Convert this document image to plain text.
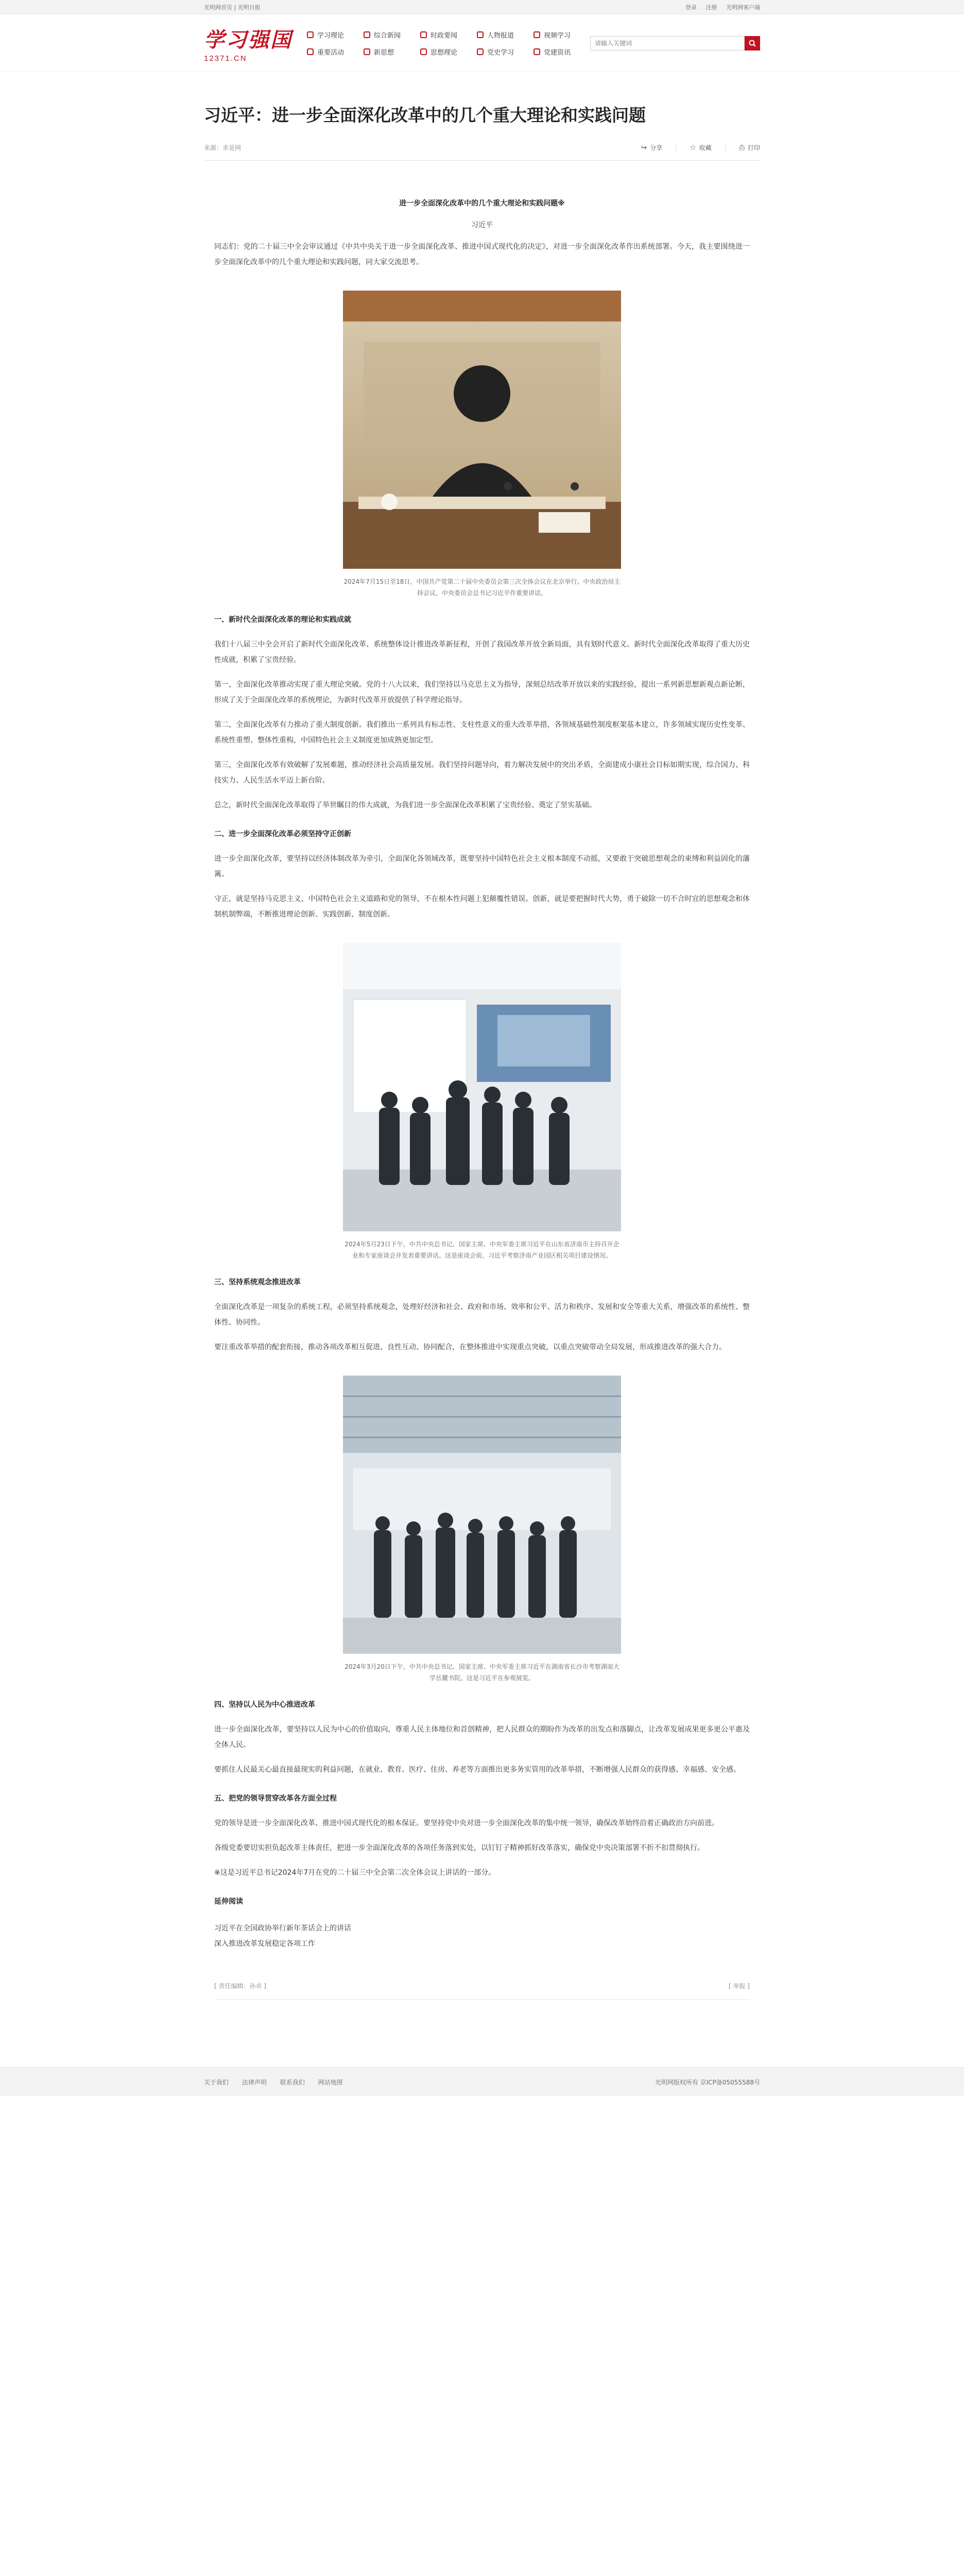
光明网首页 | 光明日报	登录 注册 光明网客户端
学习强国
12371.CN
学习理论	综合新闻	时政要闻	人物报道	视频学习
重要活动	新思想	思想理论	党史学习	党建资讯
请输入关键词
习近平：进一步全面深化改革中的几个重大理论和实践问题
来源：求是网	↪ 分享	☆ 收藏	⎙ 打印
进一步全面深化改革中的几个重大理论和实践问题※
习近平

同志们：党的二十届三中全会审议通过《中共中央关于进一步全面深化改革、推进中国式现代化的决定》，对进一步全面深化改革作出系统部署。今天，我主要围绕进一步全面深化改革中的几个重大理论和实践问题，同大家交流思考。

2024年7月15日至18日，中国共产党第二十届中央委员会第三次全体会议在北京举行。中央政治局主持会议，中央委员会总书记习近平作重要讲话。
一、新时代全面深化改革的理论和实践成就

我们十八届三中全会开启了新时代全面深化改革、系统整体设计推进改革新征程，开创了我国改革开放全新局面，具有划时代意义。新时代全面深化改革取得了重大历史性成就，积累了宝贵经验。

第一，全面深化改革推动实现了重大理论突破。党的十八大以来，我们坚持以马克思主义为指导，深刻总结改革开放以来的实践经验，提出一系列新思想新观点新论断，形成了关于全面深化改革的系统理论，为新时代改革开放提供了科学理论指导。

第二，全面深化改革有力推动了重大制度创新。我们推出一系列具有标志性、支柱性意义的重大改革举措，各领域基础性制度框架基本建立，许多领域实现历史性变革、系统性重塑、整体性重构，中国特色社会主义制度更加成熟更加定型。

第三，全面深化改革有效破解了发展难题，推动经济社会高质量发展。我们坚持问题导向，着力解决发展中的突出矛盾，全面建成小康社会目标如期实现，综合国力、科技实力、人民生活水平迈上新台阶。

总之，新时代全面深化改革取得了举世瞩目的伟大成就，为我们进一步全面深化改革积累了宝贵经验、奠定了坚实基础。

二、进一步全面深化改革必须坚持守正创新

进一步全面深化改革，要坚持以经济体制改革为牵引，全面深化各领域改革，既要坚持中国特色社会主义根本制度不动摇，又要敢于突破思想观念的束缚和利益固化的藩篱。

守正，就是坚持马克思主义、中国特色社会主义道路和党的领导，不在根本性问题上犯颠覆性错误。创新，就是要把握时代大势，勇于破除一切不合时宜的思想观念和体制机制弊端，不断推进理论创新、实践创新、制度创新。

2024年5月23日下午，中共中央总书记、国家主席、中央军委主席习近平在山东省济南市主持召开企业和专家座谈会并发表重要讲话。这是座谈会前，习近平考察济南产业园区相关项目建设情况。
三、坚持系统观念推进改革

全面深化改革是一项复杂的系统工程，必须坚持系统观念，处理好经济和社会、政府和市场、效率和公平、活力和秩序、发展和安全等重大关系，增强改革的系统性、整体性、协同性。

要注重改革举措的配套衔接，推动各项改革相互促进、良性互动、协同配合，在整体推进中实现重点突破，以重点突破带动全局发展，形成推进改革的强大合力。

2024年3月20日下午，中共中央总书记、国家主席、中央军委主席习近平在湖南省长沙市考察湖南大学岳麓书院。这是习近平在参观展览。
四、坚持以人民为中心推进改革

进一步全面深化改革，要坚持以人民为中心的价值取向，尊重人民主体地位和首创精神，把人民群众的期盼作为改革的出发点和落脚点，让改革发展成果更多更公平惠及全体人民。

要抓住人民最关心最直接最现实的利益问题，在就业、教育、医疗、住房、养老等方面推出更多务实管用的改革举措，不断增强人民群众的获得感、幸福感、安全感。

五、把党的领导贯穿改革各方面全过程

党的领导是进一步全面深化改革、推进中国式现代化的根本保证。要坚持党中央对进一步全面深化改革的集中统一领导，确保改革始终沿着正确政治方向前进。

各级党委要切实担负起改革主体责任，把进一步全面深化改革的各项任务落到实处，以钉钉子精神抓好改革落实，确保党中央决策部署不折不扣贯彻执行。

※这是习近平总书记2024年7月在党的二十届三中全会第二次全体会议上讲话的一部分。

延伸阅读
习近平在全国政协举行新年茶话会上的讲话
深入推进改革发展稳定各项工作
[ 责任编辑：孙卓 ]	[ 举报 ]
关于我们 法律声明 联系我们 网站地图	光明网版权所有 京ICP备05055588号
